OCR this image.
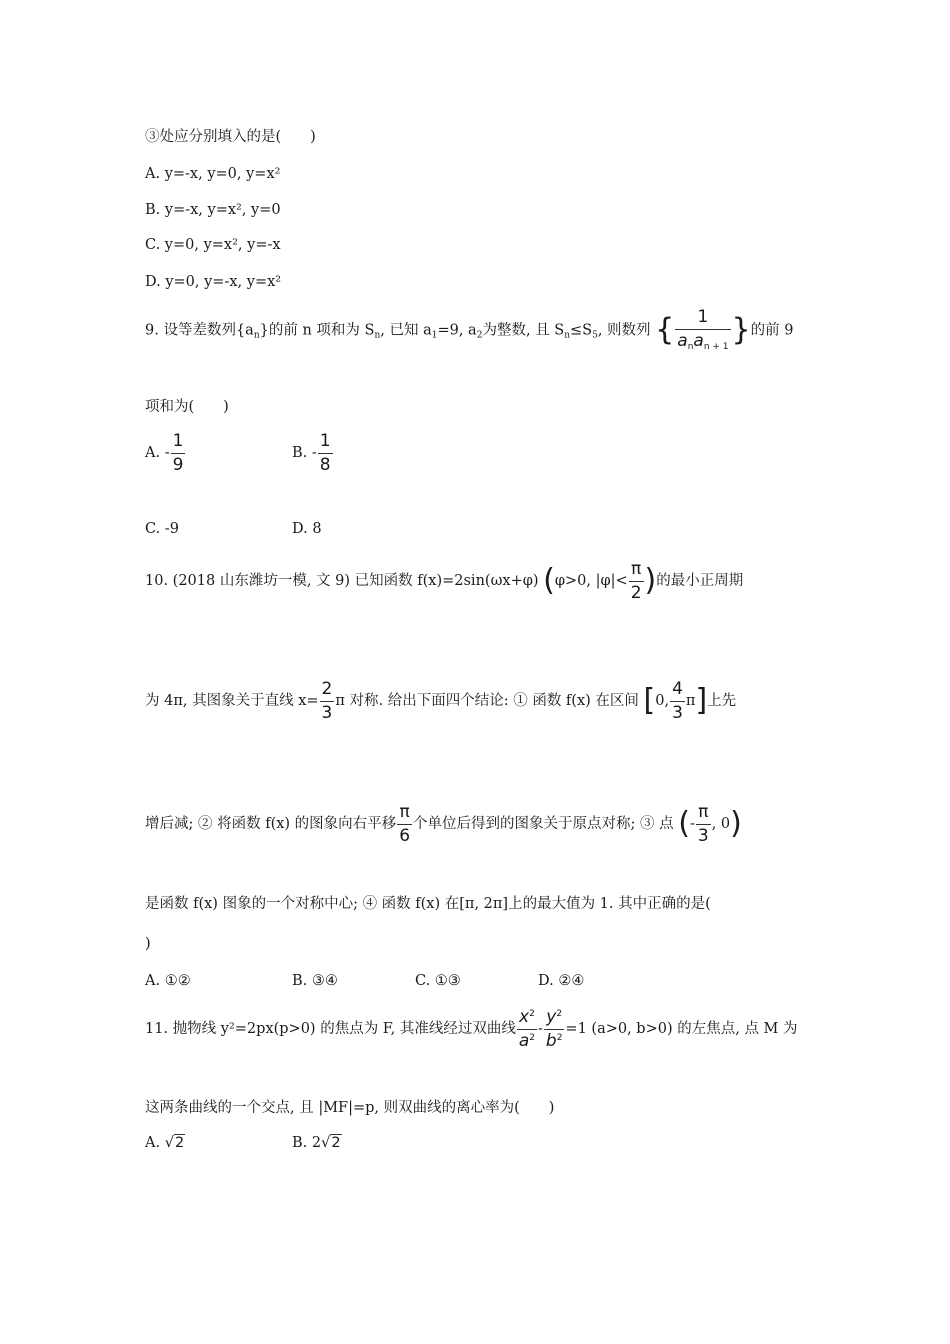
③处应分别填入的是(　　)
A. y=-x, y=0, y=x²
B. y=-x, y=x², y=0
C. y=0, y=x², y=-x
D. y=0, y=-x, y=x²
9. 设等差数列$\{a_n\}$的前 n 项和为 $S_n$, 已知 $a_1=9$, $a_2$为整数, 且 $S_n\le S_5$, 则数列 { $\frac{1}{a_na_{n + 1}}$ }的前 9
项和为(　　)
A. - $\frac{1}{9}$	B. - $\frac{1}{8}$
C. -9	D. 8
10. (2018 山东潍坊一模, 文 9) 已知函数 f(x)=2sin(ωx+φ) (φ>0, $|\varphi|< \frac{\pi}{2}$ )的最小正周期
为 4π, 其图象关于直线 $x= \frac{2}{3}$ π 对称. 给出下面四个结论: ① 函数 f(x) 在区间 [0, $\frac{4}{3} \pi$]上先
增后减; ② 将函数 f(x) 的图象向右平移 $\frac{\pi}{6}$ 个单位后得到的图象关于原点对称; ③ 点 (- $\frac{\pi}{3}$ , 0)
是函数 f(x) 图象的一个对称中心; ④ 函数 f(x) 在[π, 2π]上的最大值为 1. 其中正确的是(
)
A. ①②	B. ③④	C. ①③	D. ②④
11. 抛物线 y²=2px(p>0) 的焦点为 F, 其准线经过双曲线 $\frac{x^2}{a^2} - \frac{y^2}{b^2} =1$ (a>0, b>0) 的左焦点, 点 M 为
这两条曲线的一个交点, 且 |MF|=p, 则双曲线的离心率为(　　)
A. √2	B. 2√2
